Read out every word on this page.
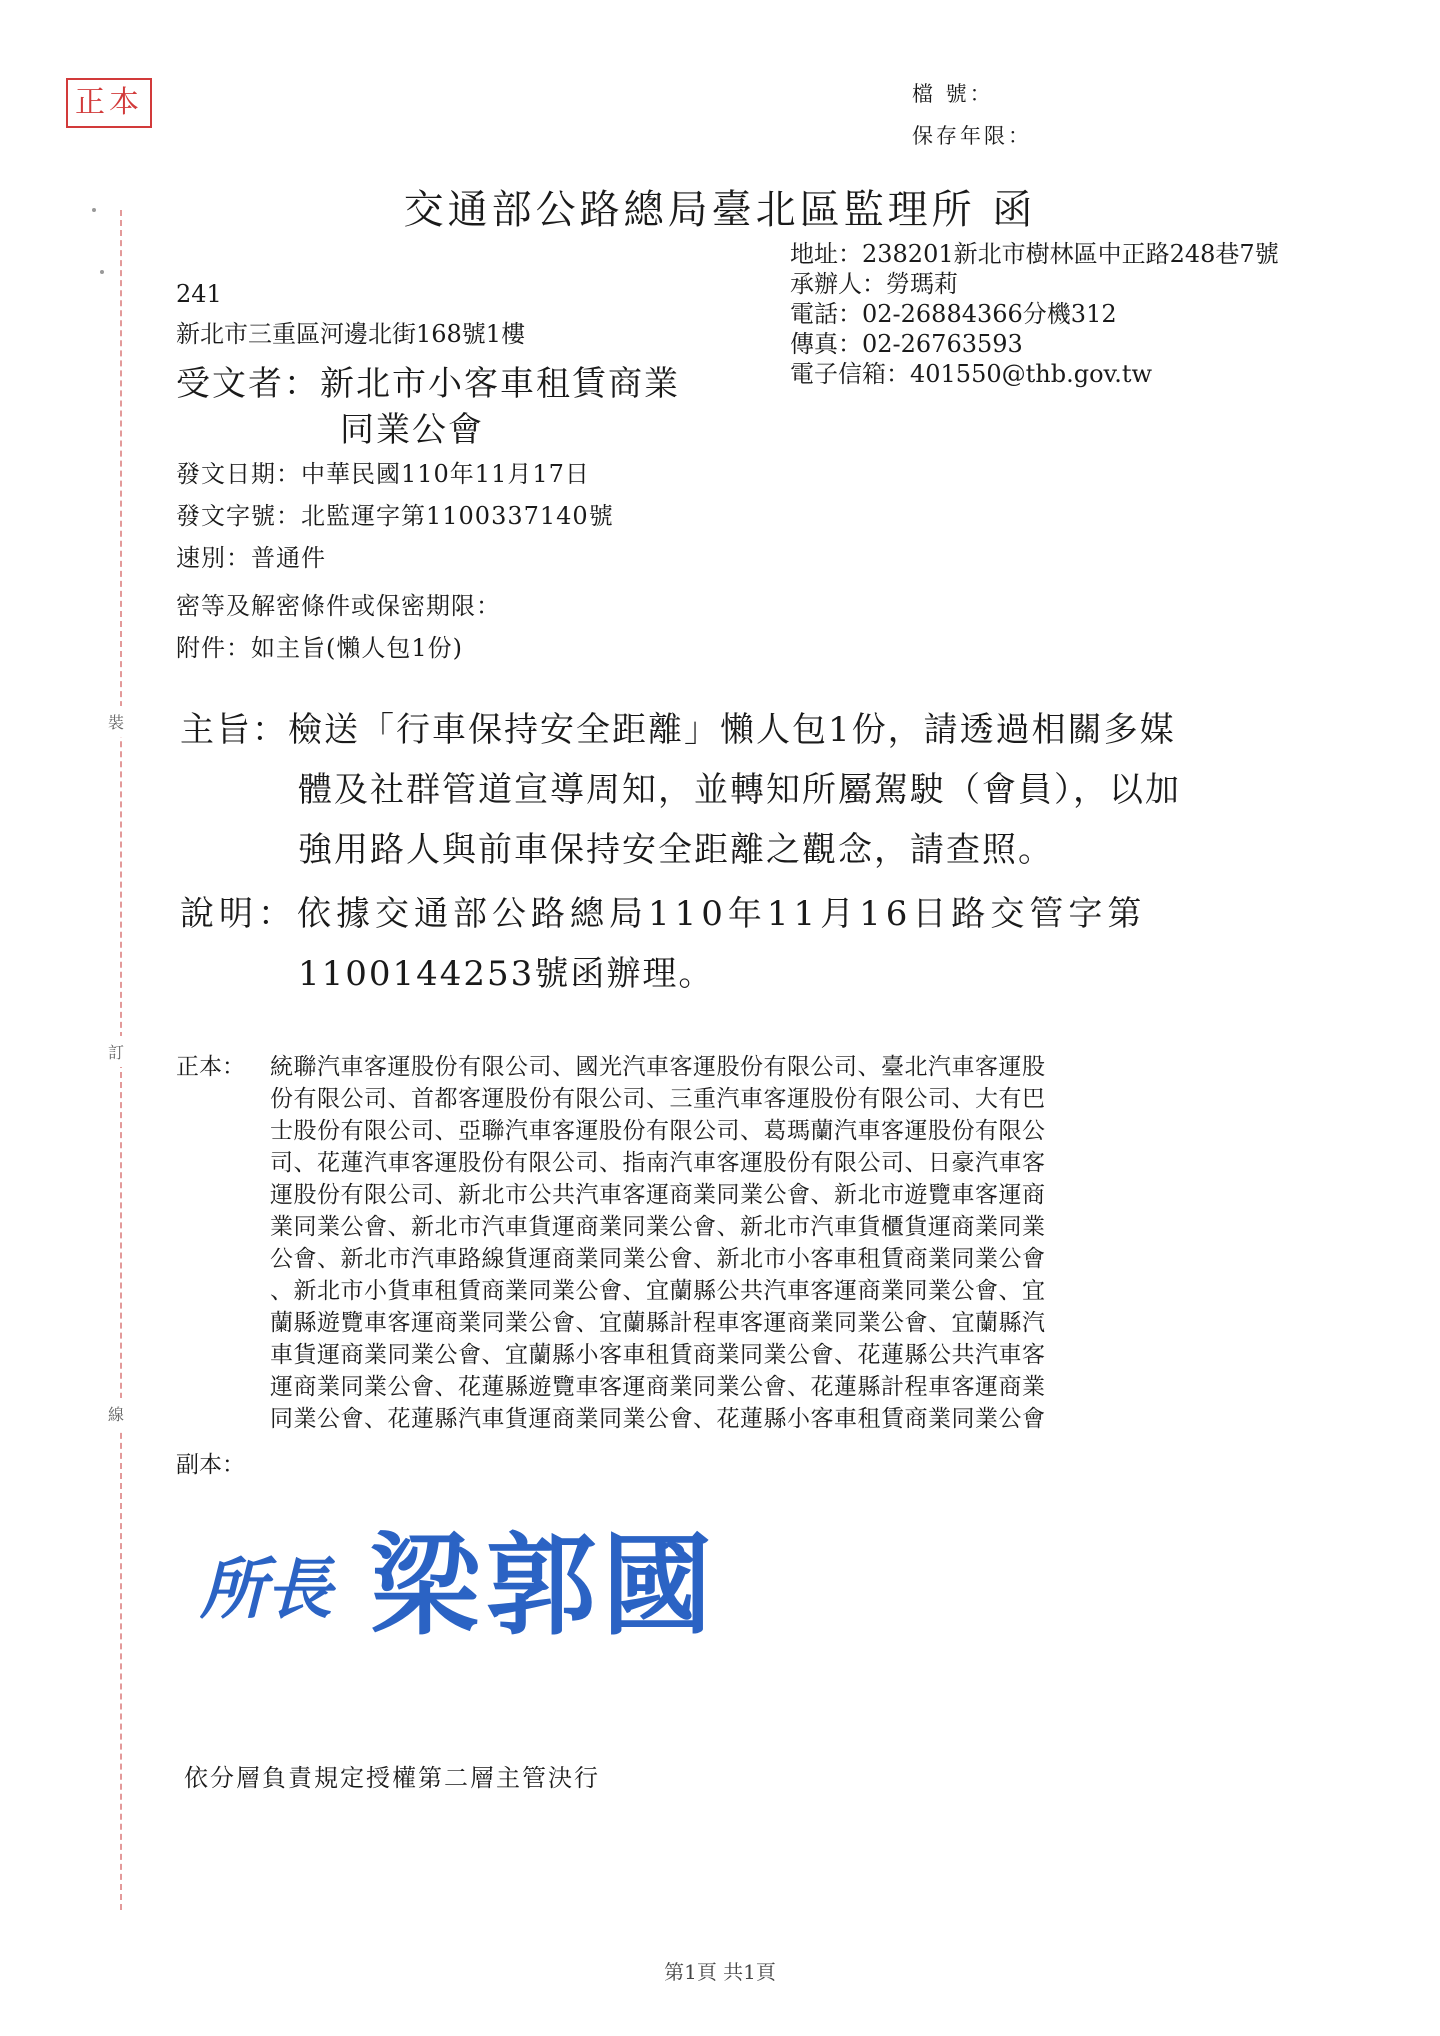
正本	檔 號：
保存年限：
交通部公路總局臺北區監理所 函
裝
訂
線
地址：238201新北市樹林區中正路248巷7號
承辦人：勞瑪莉
電話：02-26884366分機312
傳真：02-26763593
電子信箱：401550@thb.gov.tw
241
新北市三重區河邊北街168號1樓
受文者：新北市小客車租賃商業
同業公會
發文日期：中華民國110年11月17日
發文字號：北監運字第1100337140號
速別：普通件
密等及解密條件或保密期限：
附件：如主旨(懶人包1份)
主旨：檢送「行車保持安全距離」懶人包1份，請透過相關多媒
體及社群管道宣導周知，並轉知所屬駕駛（會員），以加
強用路人與前車保持安全距離之觀念，請查照。
說明：依據交通部公路總局110年11月16日路交管字第
1100144253號函辦理。
正本： 統聯汽車客運股份有限公司、國光汽車客運股份有限公司、臺北汽車客運股
份有限公司、首都客運股份有限公司、三重汽車客運股份有限公司、大有巴
士股份有限公司、亞聯汽車客運股份有限公司、葛瑪蘭汽車客運股份有限公
司、花蓮汽車客運股份有限公司、指南汽車客運股份有限公司、日豪汽車客
運股份有限公司、新北市公共汽車客運商業同業公會、新北市遊覽車客運商
業同業公會、新北市汽車貨運商業同業公會、新北市汽車貨櫃貨運商業同業
公會、新北市汽車路線貨運商業同業公會、新北市小客車租賃商業同業公會
、新北市小貨車租賃商業同業公會、宜蘭縣公共汽車客運商業同業公會、宜
蘭縣遊覽車客運商業同業公會、宜蘭縣計程車客運商業同業公會、宜蘭縣汽
車貨運商業同業公會、宜蘭縣小客車租賃商業同業公會、花蓮縣公共汽車客
運商業同業公會、花蓮縣遊覽車客運商業同業公會、花蓮縣計程車客運商業
同業公會、花蓮縣汽車貨運商業同業公會、花蓮縣小客車租賃商業同業公會
副本：
所長 梁郭國
依分層負責規定授權第二層主管決行
第1頁 共1頁
